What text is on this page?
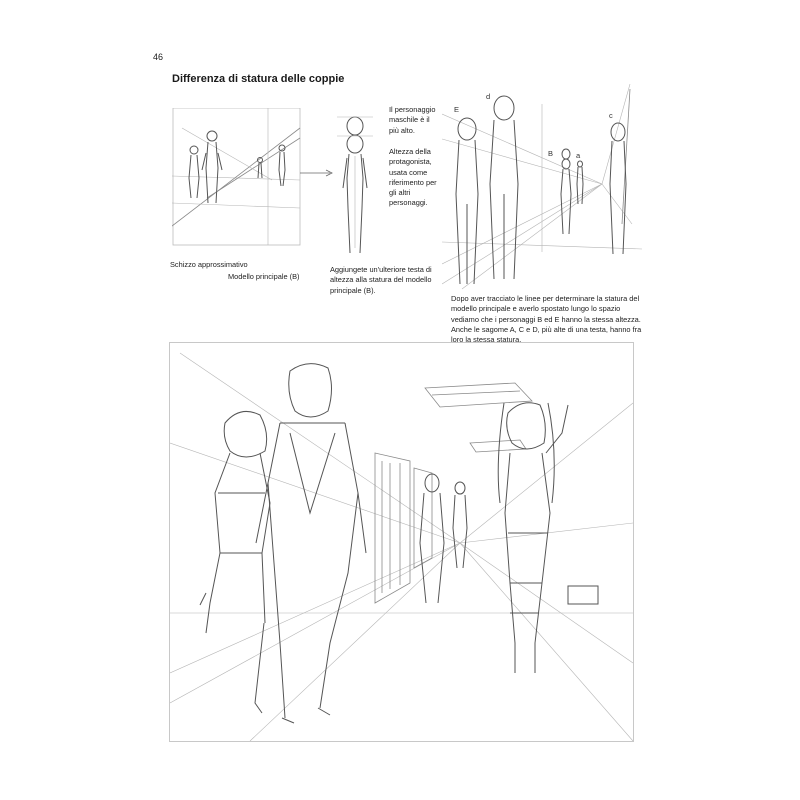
46
Differenza di statura delle coppie
Schizzo approssimativo
Modello principale (B)
Il personaggio maschile è il più alto.
Altezza della protagonista, usata come riferimento per gli altri personaggi.
Aggiungete un'ulteriore testa di altezza alla statura del modello principale (B).
E
d
c
B	a
Dopo aver tracciato le linee per determinare la statura del modello principale e averlo spostato lungo lo spazio vediamo che i personaggi B ed E hanno la stessa altezza. Anche le sagome A, C e D, più alte di una testa, hanno fra loro la stessa statura.
